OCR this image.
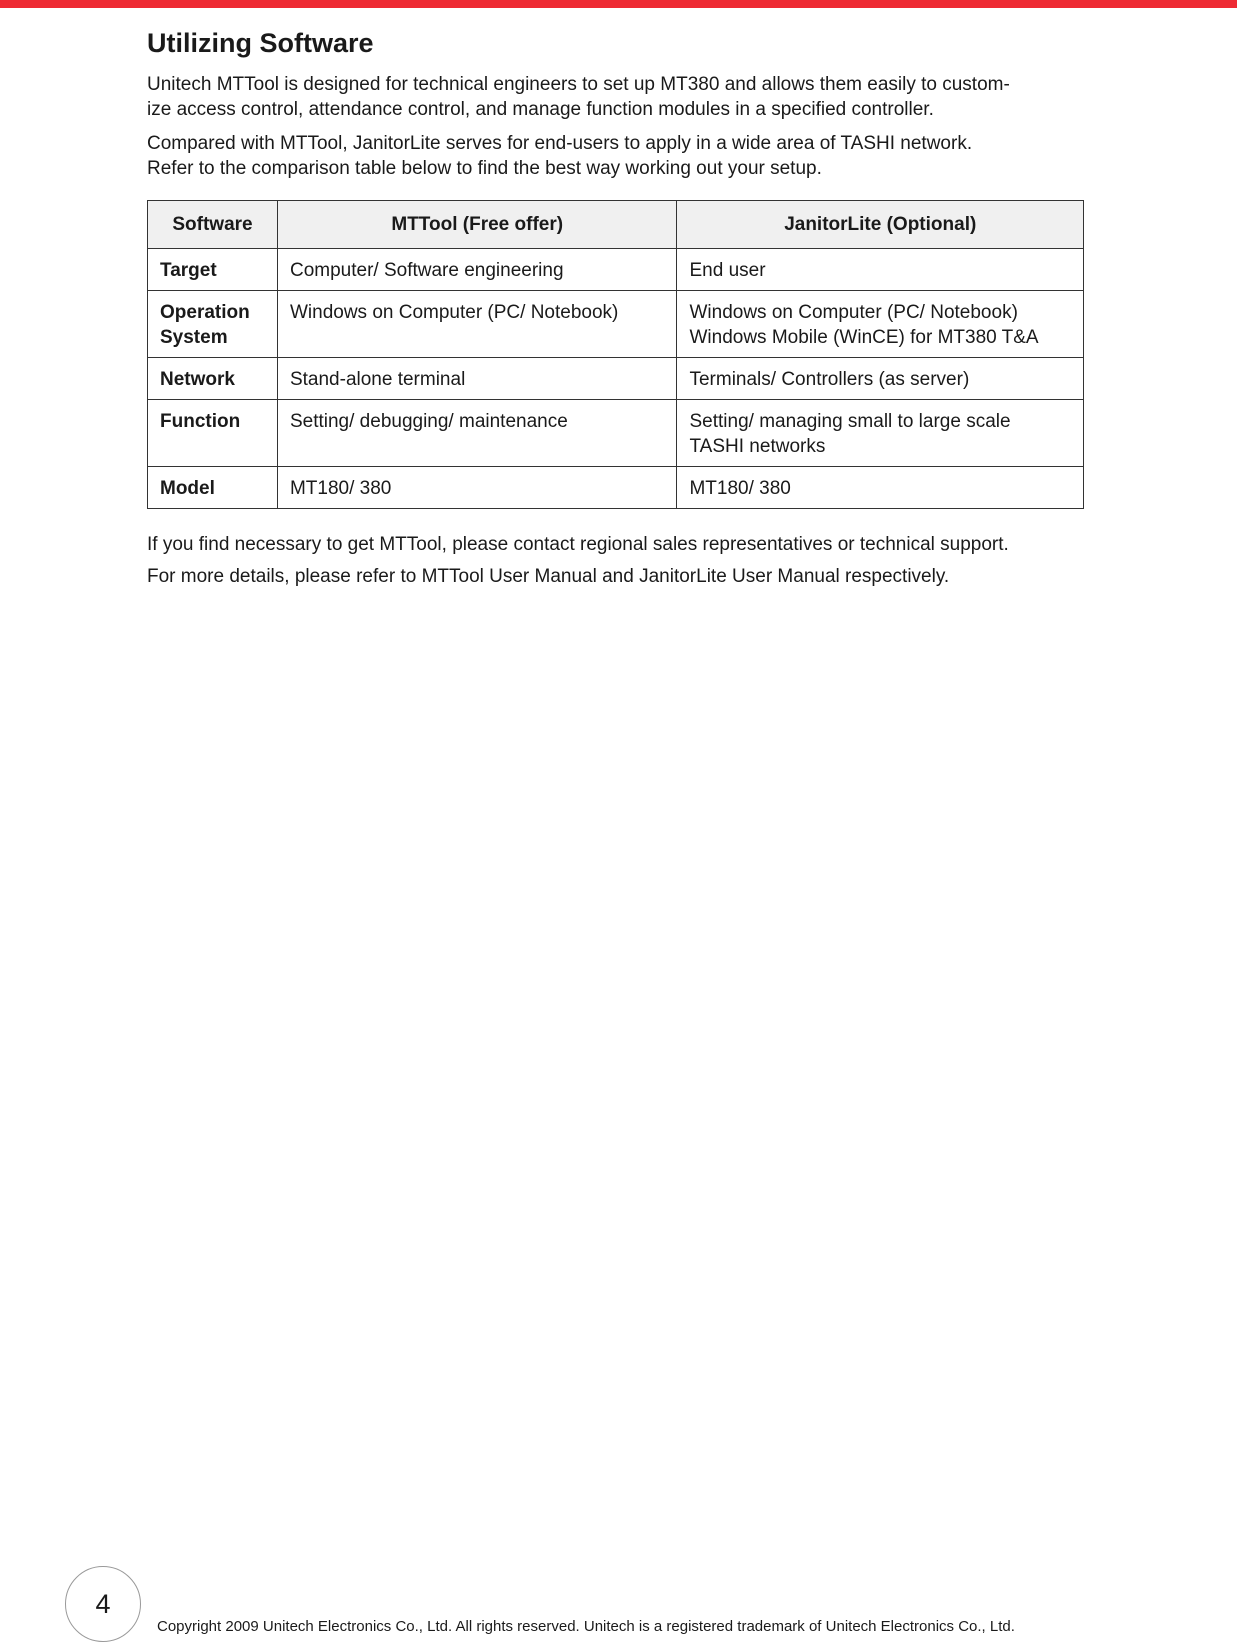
Utilizing Software
Unitech MTTool is designed for technical engineers to set up MT380 and allows them easily to custom-
ize access control, attendance control, and manage function modules in a specified controller.
Compared with MTTool, JanitorLite serves for end-users to apply in a wide area of TASHI network.
Refer to the comparison table below to find the best way working out your setup.
Software	MTTool (Free offer)	JanitorLite (Optional)
Target	Computer/ Software engineering	End user
Operation
System	Windows on Computer (PC/ Notebook)	Windows on Computer (PC/ Notebook)
Windows Mobile (WinCE) for MT380 T&A
Network	Stand-alone terminal	Terminals/ Controllers (as server)
Function	Setting/ debugging/ maintenance	Setting/ managing small to large scale
TASHI networks
Model	MT180/ 380	MT180/ 380

If you find necessary to get MTTool, please contact regional sales representatives or technical support.

For more details, please refer to MTTool User Manual and JanitorLite User Manual respectively.

4
Copyright 2009 Unitech Electronics Co., Ltd. All rights reserved. Unitech is a registered trademark of Unitech Electronics Co., Ltd.
